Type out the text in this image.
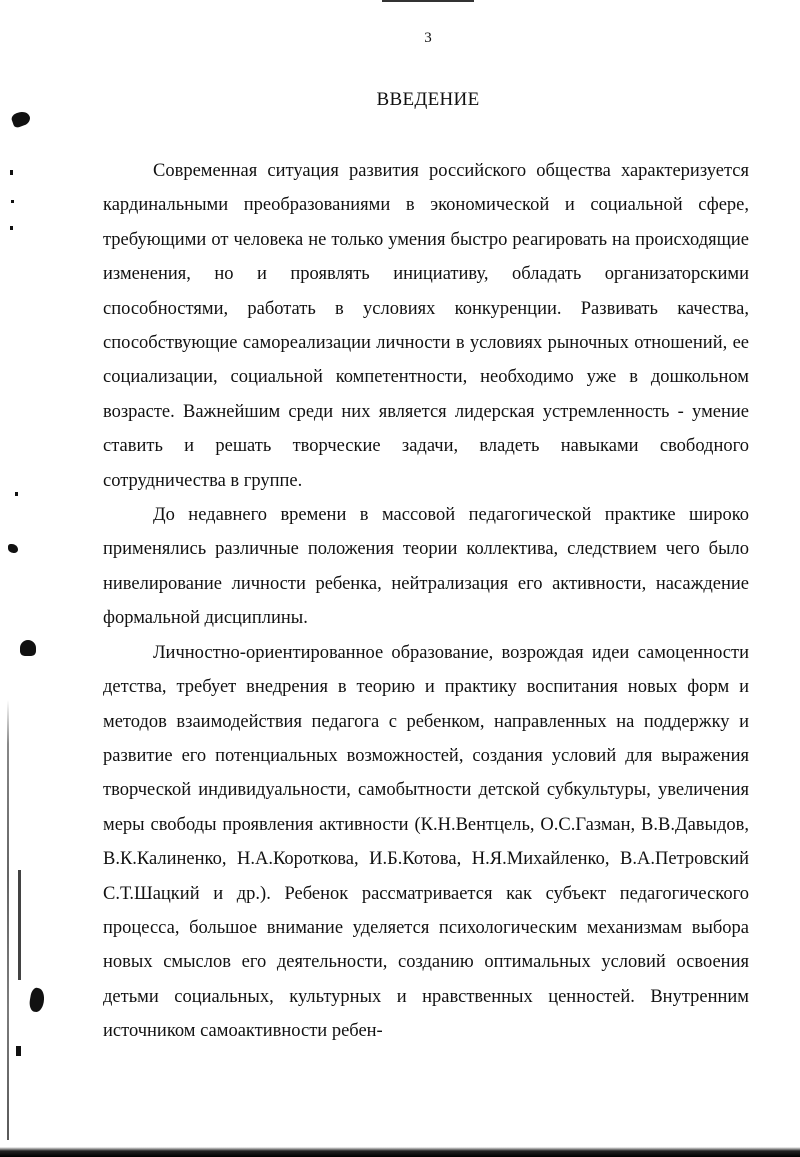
3
ВВЕДЕНИЕ

Современная ситуация развития российского общества характеризуется кардинальными преобразованиями в экономической и социальной сфере, требующими от человека не только умения быстро реагировать на происходящие изменения, но и проявлять инициативу, обладать организаторскими способностями, работать в условиях конкуренции. Развивать качества, способствующие самореализации личности в условиях рыночных отношений, ее социализации, социальной компетентности, необходимо уже в дошкольном возрасте. Важнейшим среди них является лидерская устремленность - умение ставить и решать творческие задачи, владеть навыками свободного сотрудничества в группе.

До недавнего времени в массовой педагогической практике широко применялись различные положения теории коллектива, следствием чего было нивелирование личности ребенка, нейтрализация его активности, насаждение формальной дисциплины.

Личностно-ориентированное образование, возрождая идеи самоценности детства, требует внедрения в теорию и практику воспитания новых форм и методов взаимодействия педагога с ребенком, направленных на поддержку и развитие его потенциальных возможностей, создания условий для выражения творческой индивидуальности, самобытности детской субкультуры, увеличения меры свободы проявления активности (К.Н.Вентцель, О.С.Газман, В.В.Давыдов, В.К.Калиненко, Н.А.Короткова, И.Б.Котова, Н.Я.Михайленко, В.А.Петровский С.Т.Шацкий и др.). Ребенок рассматривается как субъект педагогического процесса, большое внимание уделяется психологическим механизмам выбора новых смыслов его деятельности, созданию оптимальных условий освоения детьми социальных, культурных и нравственных ценностей. Внутренним источником самоактивности ребен-
